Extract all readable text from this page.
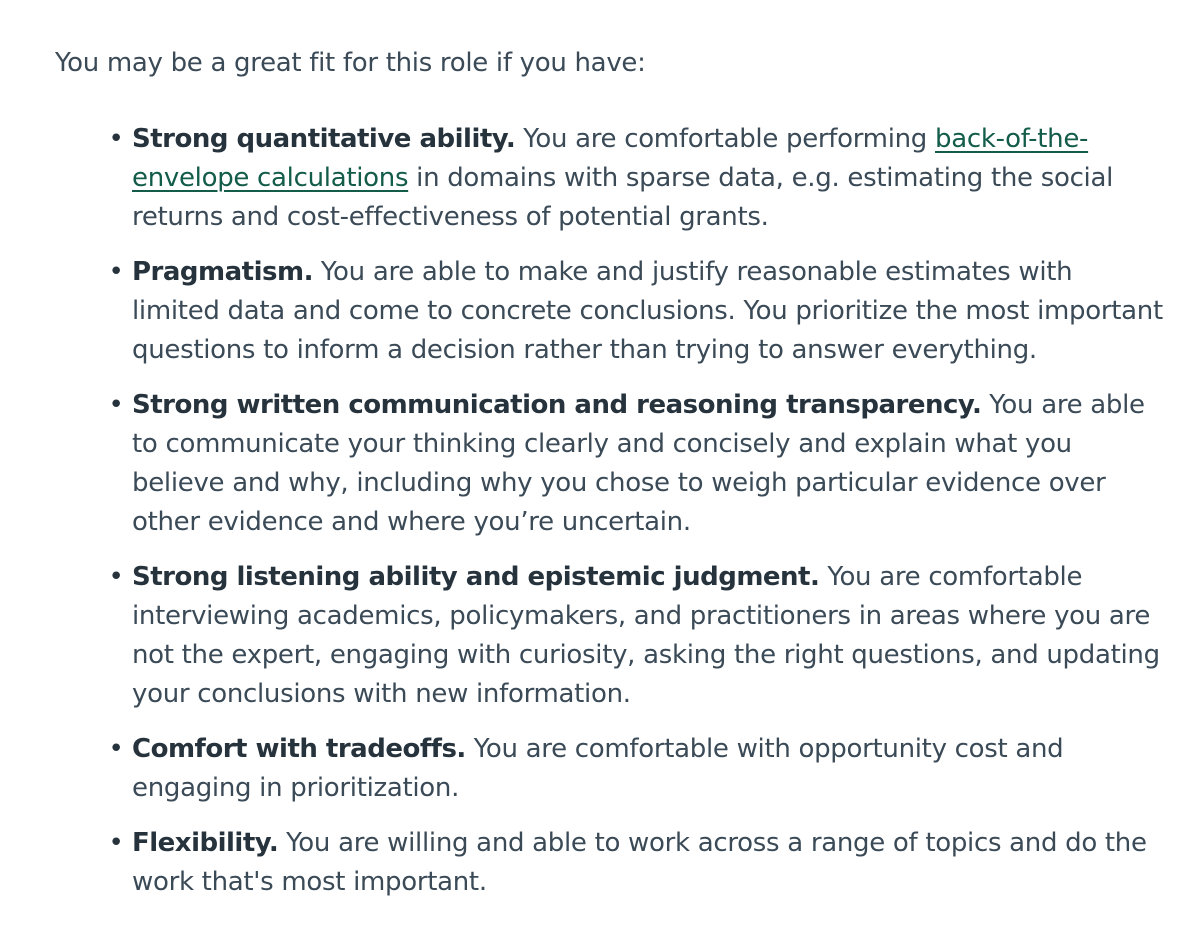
You may be a great fit for this role if you have:

• Strong quantitative ability. You are comfortable performing back-of-the-envelope calculations in domains with sparse data, e.g. estimating the social returns and cost-effectiveness of potential grants.
• Pragmatism. You are able to make and justify reasonable estimates with limited data and come to concrete conclusions. You prioritize the most important questions to inform a decision rather than trying to answer everything.
• Strong written communication and reasoning transparency. You are able to communicate your thinking clearly and concisely and explain what you believe and why, including why you chose to weigh particular evidence over other evidence and where you’re uncertain.
• Strong listening ability and epistemic judgment. You are comfortable interviewing academics, policymakers, and practitioners in areas where you are not the expert, engaging with curiosity, asking the right questions, and updating your conclusions with new information.
• Comfort with tradeoffs. You are comfortable with opportunity cost and engaging in prioritization.
• Flexibility. You are willing and able to work across a range of topics and do the work that's most important.
